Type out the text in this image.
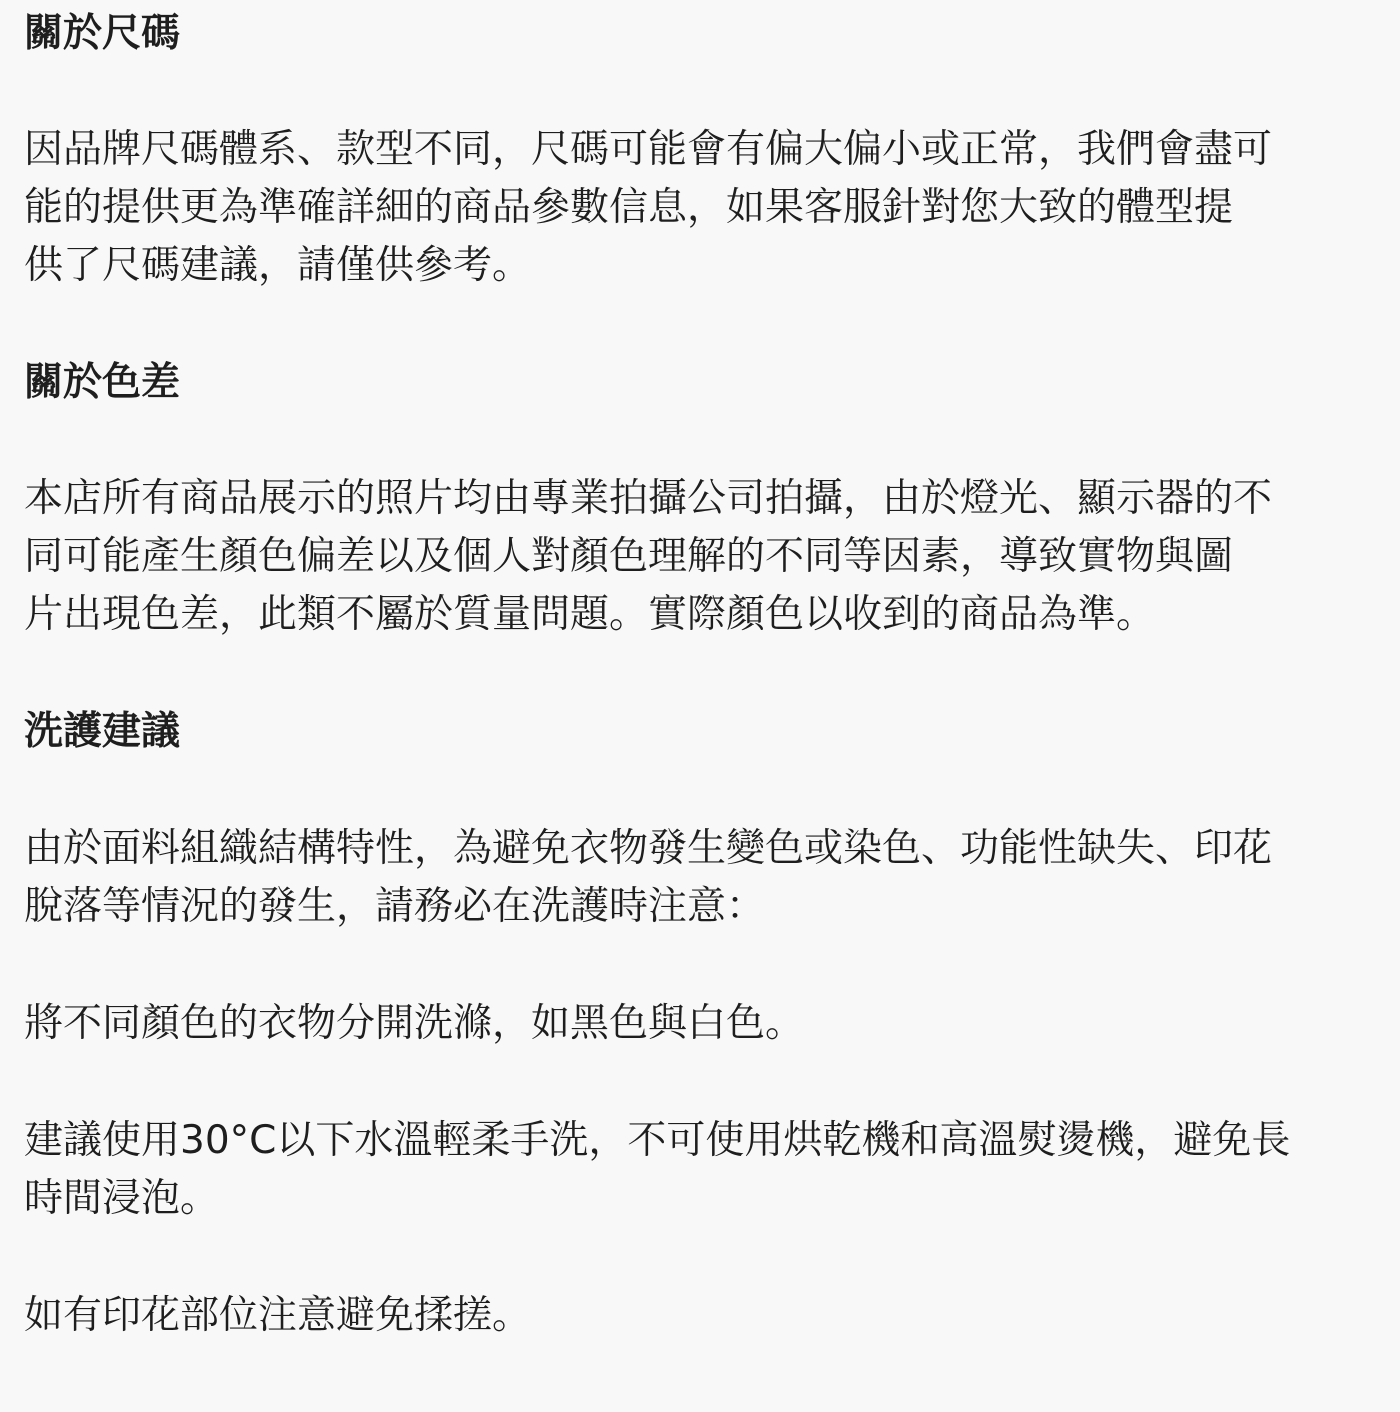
關於尺碼

因品牌尺碼體系、款型不同，尺碼可能會有偏大偏小或正常，我們會盡可
能的提供更為準確詳細的商品參數信息，如果客服針對您大致的體型提
供了尺碼建議，請僅供參考。

關於色差

本店所有商品展示的照片均由專業拍攝公司拍攝，由於燈光、顯示器的不
同可能產生顏色偏差以及個人對顏色理解的不同等因素，導致實物與圖
片出現色差，此類不屬於質量問題。實際顏色以收到的商品為準。

洗護建議

由於面料組織結構特性，為避免衣物發生變色或染色、功能性缺失、印花
脫落等情況的發生，請務必在洗護時注意：

將不同顏色的衣物分開洗滌，如黑色與白色。

建議使用30°C以下水溫輕柔手洗，不可使用烘乾機和高溫熨燙機，避免長
時間浸泡。

如有印花部位注意避免揉搓。
